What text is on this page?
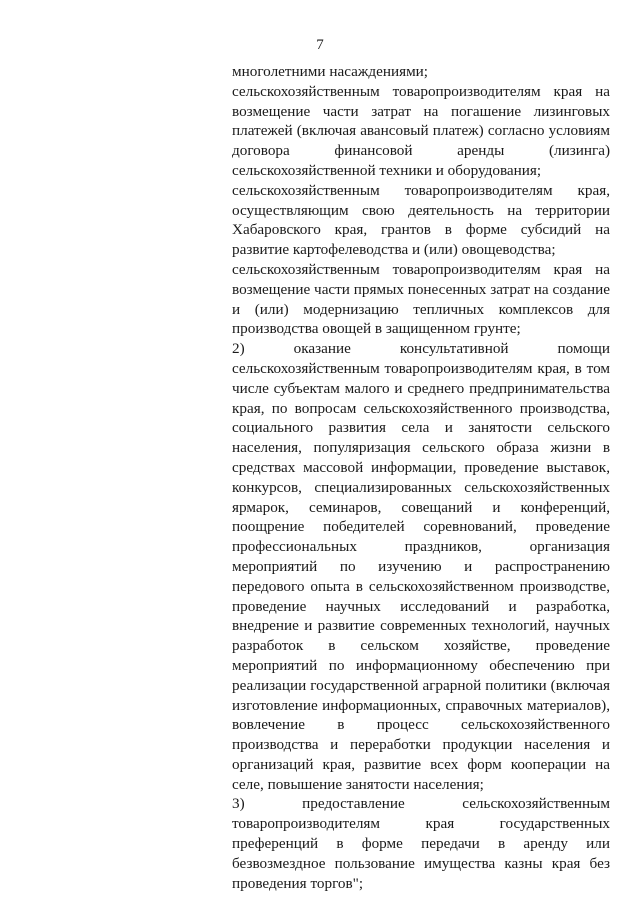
7

многолетними насаждениями;

сельскохозяйственным товаропроизводителям края на возмещение части затрат на погашение лизинговых платежей (включая авансовый платеж) согласно условиям договора финансовой аренды (лизинга) сельскохозяйственной техники и оборудования;

сельскохозяйственным товаропроизводителям края, осуществляющим свою деятельность на территории Хабаровского края, грантов в форме субсидий на развитие картофелеводства и (или) овощеводства;

сельскохозяйственным товаропроизводителям края на возмещение части прямых понесенных затрат на создание и (или) модернизацию тепличных комплексов для производства овощей в защищенном грунте;

2) оказание консультативной помощи сельскохозяйственным товаропроизводителям края, в том числе субъектам малого и среднего предпринимательства края, по вопросам сельскохозяйственного производства, социального развития села и занятости сельского населения, популяризация сельского образа жизни в средствах массовой информации, проведение выставок, конкурсов, специализированных сельскохозяйственных ярмарок, семинаров, совещаний и конференций, поощрение победителей соревнований, проведение профессиональных праздников, организация мероприятий по изучению и распространению передового опыта в сельскохозяйственном производстве, проведение научных исследований и разработка, внедрение и развитие современных технологий, научных разработок в сельском хозяйстве, проведение мероприятий по информационному обеспечению при реализации государственной аграрной политики (включая изготовление информационных, справочных материалов), вовлечение в процесс сельскохозяйственного производства и переработки продукции населения и организаций края, развитие всех форм кооперации на селе, повышение занятости населения;

3) предоставление сельскохозяйственным товаропроизводителям края государственных преференций в форме передачи в аренду или безвозмездное пользование имущества казны края без проведения торгов";
